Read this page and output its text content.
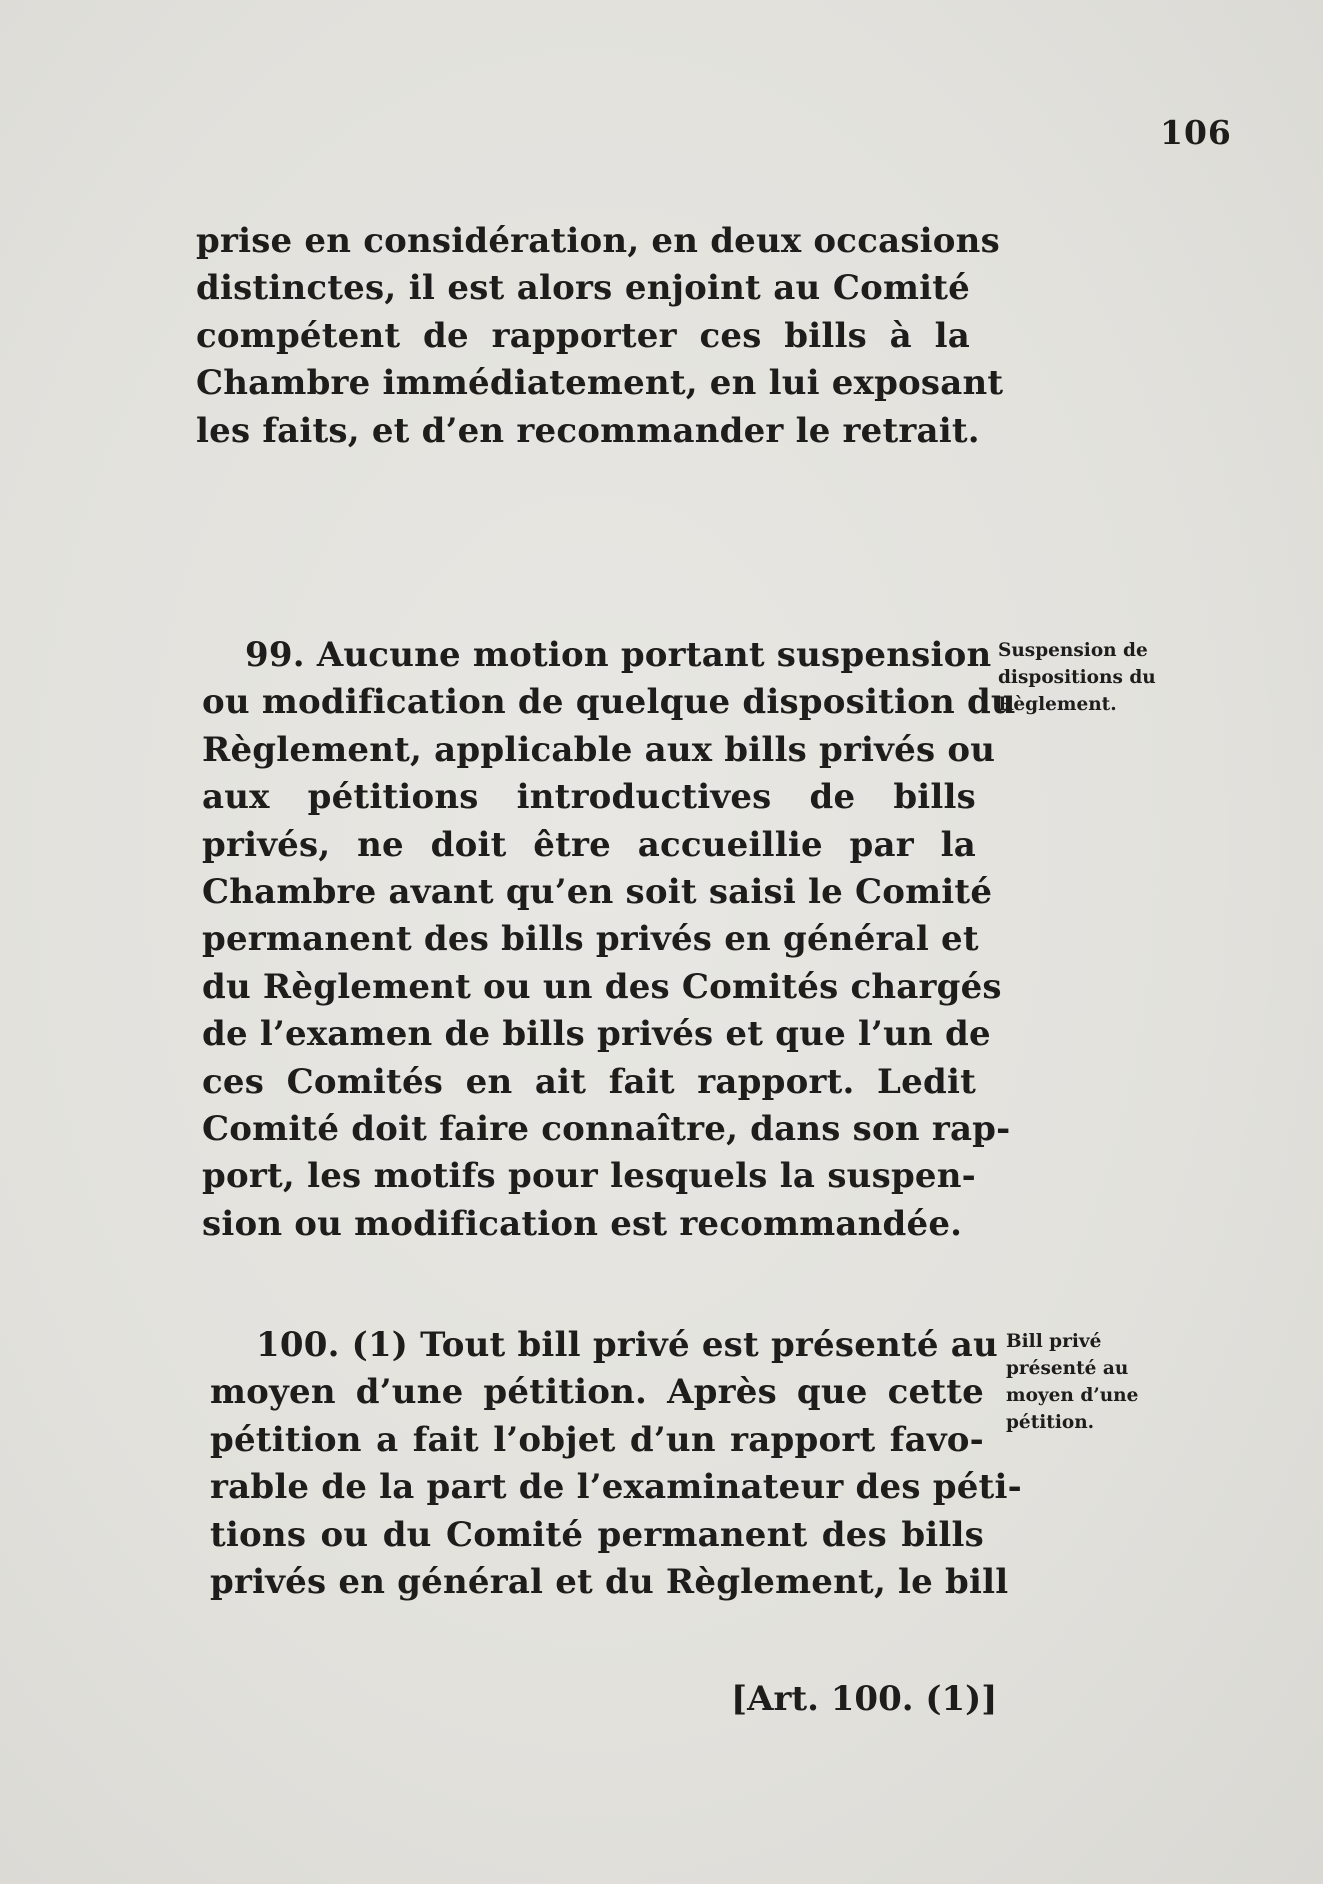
106
prise en considération, en deux occasions
distinctes, il est alors enjoint au Comité
compétent de rapporter ces bills à la
Chambre immédiatement, en lui exposant
les faits, et d’en recommander le retrait.
99. Aucune motion portant suspension
ou modification de quelque disposition du
Règlement, applicable aux bills privés ou
aux pétitions introductives de bills
privés, ne doit être accueillie par la
Chambre avant qu’en soit saisi le Comité
permanent des bills privés en général et
du Règlement ou un des Comités chargés
de l’examen de bills privés et que l’un de
ces Comités en ait fait rapport. Ledit
Comité doit faire connaître, dans son rap-
port, les motifs pour lesquels la suspen-
sion ou modification est recommandée.
Suspension de
dispositions du
Règlement.
100. (1) Tout bill privé est présenté au
moyen d’une pétition. Après que cette
pétition a fait l’objet d’un rapport favo-
rable de la part de l’examinateur des péti-
tions ou du Comité permanent des bills
privés en général et du Règlement, le bill
Bill privé
présenté au
moyen d’une
pétition.
[Art. 100. (1)]
